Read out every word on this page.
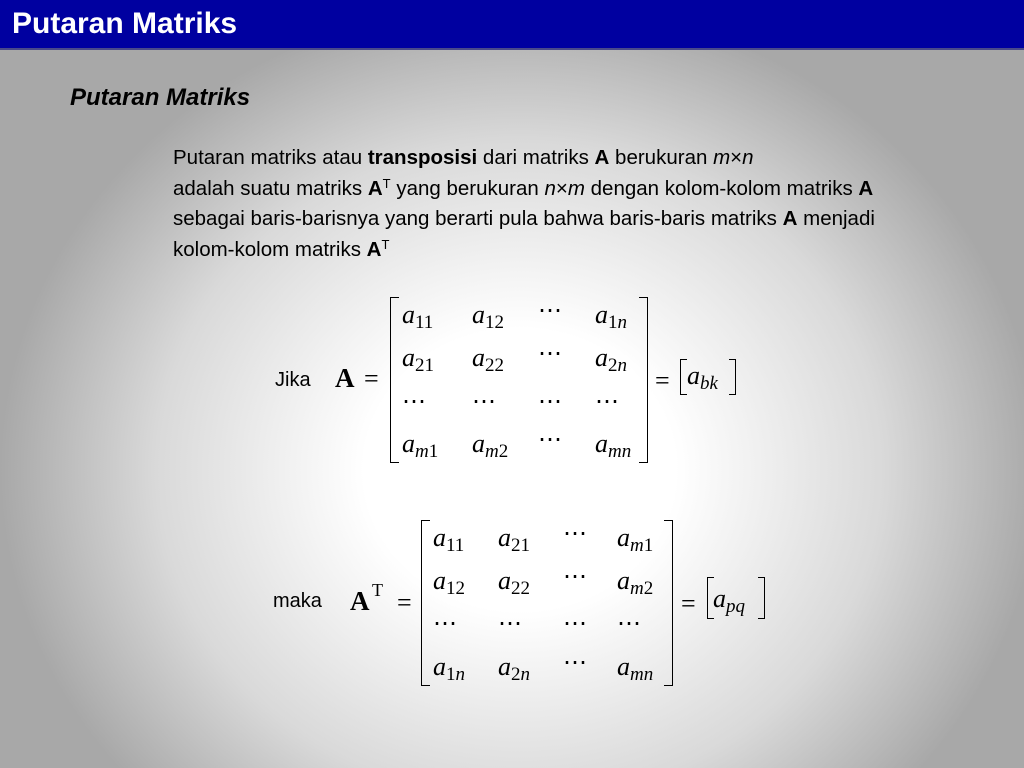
Putaran Matriks
Putaran Matriks
Putaran matriks atau transposisi dari matriks A berukuran m×n
adalah suatu matriks $A^T$ yang berukuran n×m dengan kolom-kolom matriks A sebagai baris-barisnya yang berarti pula bahwa baris-baris matriks A menjadi kolom-kolom matriks $A^T$
Jika A =
$a_{11}$ $a_{12}$ ⋯ $a_{1n}$
$a_{21}$ $a_{22}$ ⋯ $a_{2n}$
⋯ ⋯ ⋯ ⋯
$a_{m1}$ $a_{m2}$ ⋯ $a_{mn}$
= $a_{bk}$
maka A T =
$a_{11}$ $a_{21}$ ⋯ $a_{m1}$
$a_{12}$ $a_{22}$ ⋯ $a_{m2}$
⋯ ⋯ ⋯ ⋯
$a_{1n}$ $a_{2n}$ ⋯ $a_{mn}$
= $a_{pq}$
